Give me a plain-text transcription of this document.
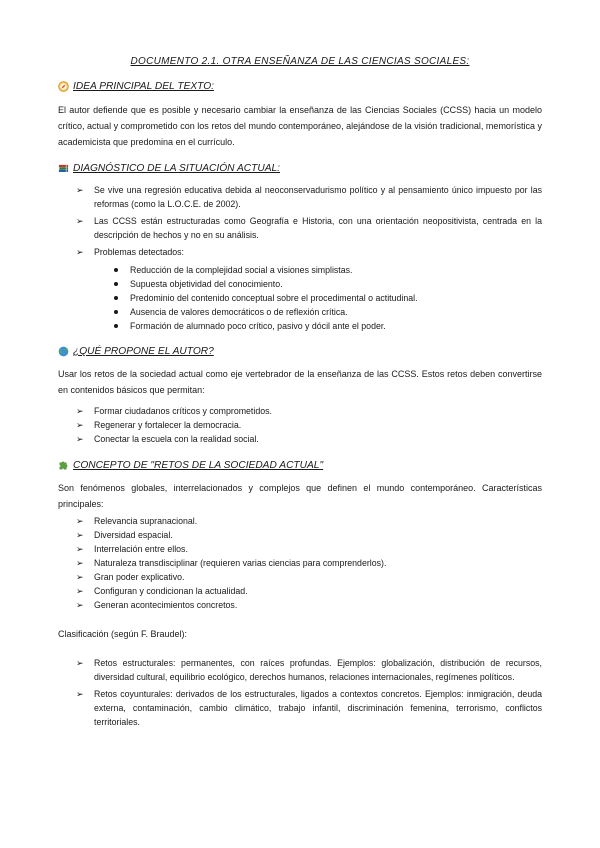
DOCUMENTO 2.1. OTRA ENSEÑANZA DE LAS CIENCIAS SOCIALES:
IDEA PRINCIPAL DEL TEXTO:
El autor defiende que es posible y necesario cambiar la enseñanza de las Ciencias Sociales (CCSS) hacia un modelo crítico, actual y comprometido con los retos del mundo contemporáneo, alejándose de la visión tradicional, memorística y academicista que predomina en el currículo.
DIAGNÓSTICO DE LA SITUACIÓN ACTUAL:
➢ Se vive una regresión educativa debida al neoconservadurismo político y al pensamiento único impuesto por las reformas (como la L.O.C.E. de 2002).
➢ Las CCSS están estructuradas como Geografía e Historia, con una orientación neopositivista, centrada en la descripción de hechos y no en su análisis.
➢ Problemas detectados:
Reducción de la complejidad social a visiones simplistas.
Supuesta objetividad del conocimiento.
Predominio del contenido conceptual sobre el procedimental o actitudinal.
Ausencia de valores democráticos o de reflexión crítica.
Formación de alumnado poco crítico, pasivo y dócil ante el poder.
¿QUÉ PROPONE EL AUTOR?
Usar los retos de la sociedad actual como eje vertebrador de la enseñanza de las CCSS. Estos retos deben convertirse en contenidos básicos que permitan:
➢ Formar ciudadanos críticos y comprometidos.
➢ Regenerar y fortalecer la democracia.
➢ Conectar la escuela con la realidad social.
CONCEPTO DE "RETOS DE LA SOCIEDAD ACTUAL"
Son fenómenos globales, interrelacionados y complejos que definen el mundo contemporáneo. Características principales:
➢ Relevancia supranacional.
➢ Diversidad espacial.
➢ Interrelación entre ellos.
➢ Naturaleza transdisciplinar (requieren varias ciencias para comprenderlos).
➢ Gran poder explicativo.
➢ Configuran y condicionan la actualidad.
➢ Generan acontecimientos concretos.
Clasificación (según F. Braudel):
➢ Retos estructurales: permanentes, con raíces profundas. Ejemplos: globalización, distribución de recursos, diversidad cultural, equilibrio ecológico, derechos humanos, relaciones internacionales, regímenes políticos.
➢ Retos coyunturales: derivados de los estructurales, ligados a contextos concretos. Ejemplos: inmigración, deuda externa, contaminación, cambio climático, trabajo infantil, discriminación femenina, terrorismo, conflictos territoriales.
